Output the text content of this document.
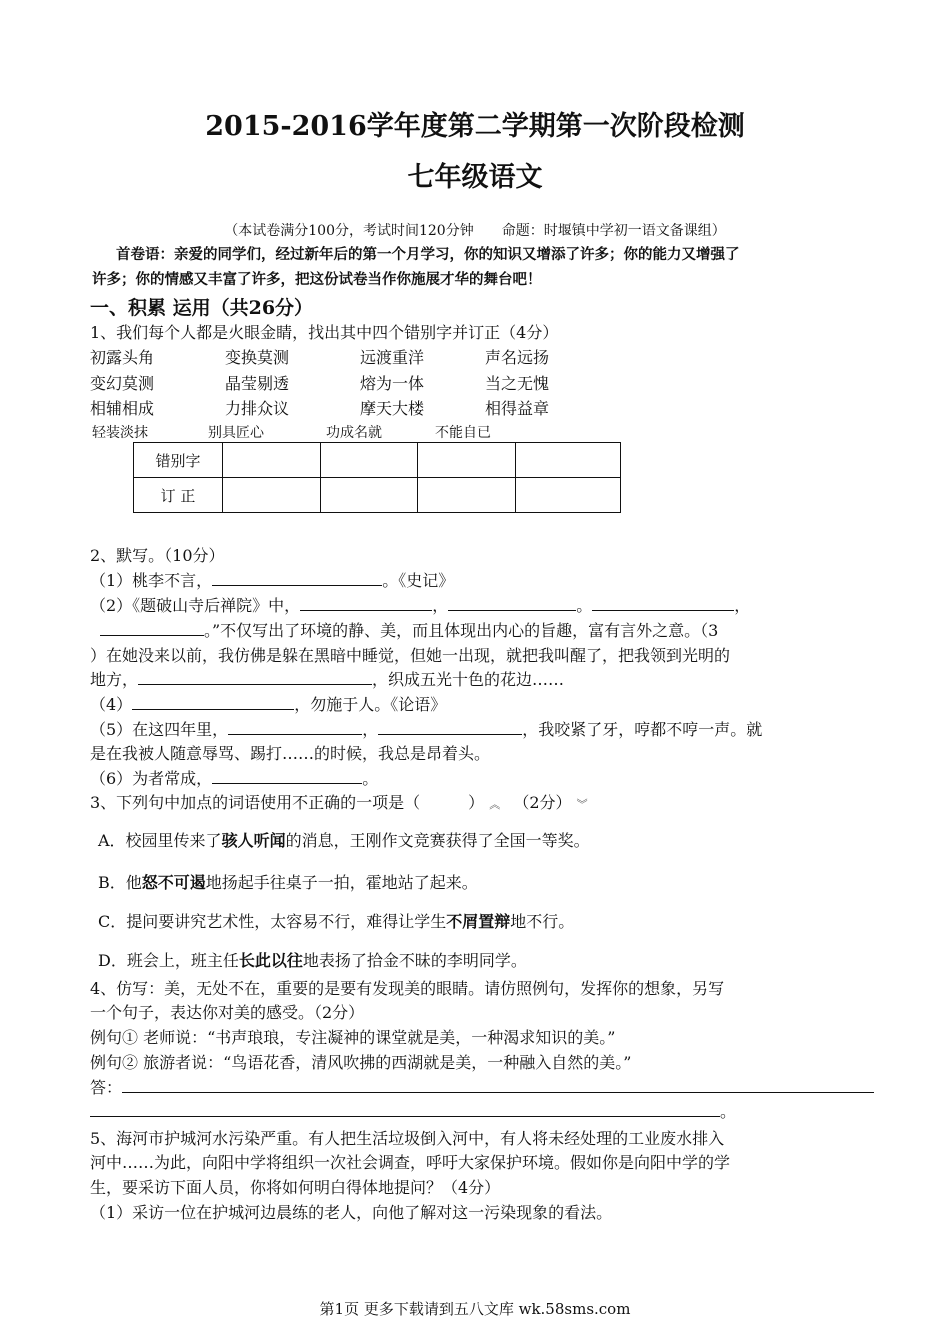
2015-2016学年度第二学期第一次阶段检测
七年级语文
（本试卷满分100分，考试时间120分钟　　命题：时堰镇中学初一语文备课组）
首卷语：亲爱的同学们，经过新年后的第一个月学习，你的知识又增添了许多；你的能力又增强了
许多；你的情感又丰富了许多，把这份试卷当作你施展才华的舞台吧！
一、积累 运用（共26分）
1、我们每个人都是火眼金睛，找出其中四个错别字并订正（4分）
初露头角	变换莫测	远渡重洋	声名远扬
变幻莫测	晶莹剔透	熔为一体	当之无愧
相辅相成	力排众议	摩天大楼	相得益章
轻装淡抹	别具匠心	功成名就	不能自已
错别字				
订 正				
2、默写。（10分）
（1）桃李不言，	。《史记》
（2）《题破山寺后禅院》中，	，	。	，
。”不仅写出了环境的静、美，而且体现出内心的旨趣，富有言外之意。（3
）在她没来以前，我仿佛是躲在黑暗中睡觉，但她一出现，就把我叫醒了，把我领到光明的
地方，	，织成五光十色的花边……
（4）	，勿施于人。《论语》
（5）在这四年里，	，	，我咬紧了牙，哼都不哼一声。就
是在我被人随意辱骂、踢打……的时候，我总是昂着头。
（6）为者常成，	。
3、下列句中加点的词语使用不正确的一项是（　　　） ︽ （2分） ︾
A．校园里传来了骇人听闻的消息，王刚作文竞赛获得了全国一等奖。
B．他怒不可遏地扬起手往桌子一拍，霍地站了起来。
C．提问要讲究艺术性，太容易不行，难得让学生不屑置辩地不行。
D．班会上，班主任长此以往地表扬了拾金不昧的李明同学。
4、仿写：美，无处不在，重要的是要有发现美的眼睛。请仿照例句，发挥你的想象，另写
一个句子，表达你对美的感受。（2分）
例句① 老师说：“书声琅琅，专注凝神的课堂就是美，一种渴求知识的美。”
例句② 旅游者说：“鸟语花香，清风吹拂的西湖就是美，一种融入自然的美。”
答：
。
5、海河市护城河水污染严重。有人把生活垃圾倒入河中，有人将未经处理的工业废水排入
河中……为此，向阳中学将组织一次社会调查，呼吁大家保护环境。假如你是向阳中学的学
生，要采访下面人员，你将如何明白得体地提问？（4分）
（1）采访一位在护城河边晨练的老人，向他了解对这一污染现象的看法。
第1页 更多下载请到五八文库 wk.58sms.com
